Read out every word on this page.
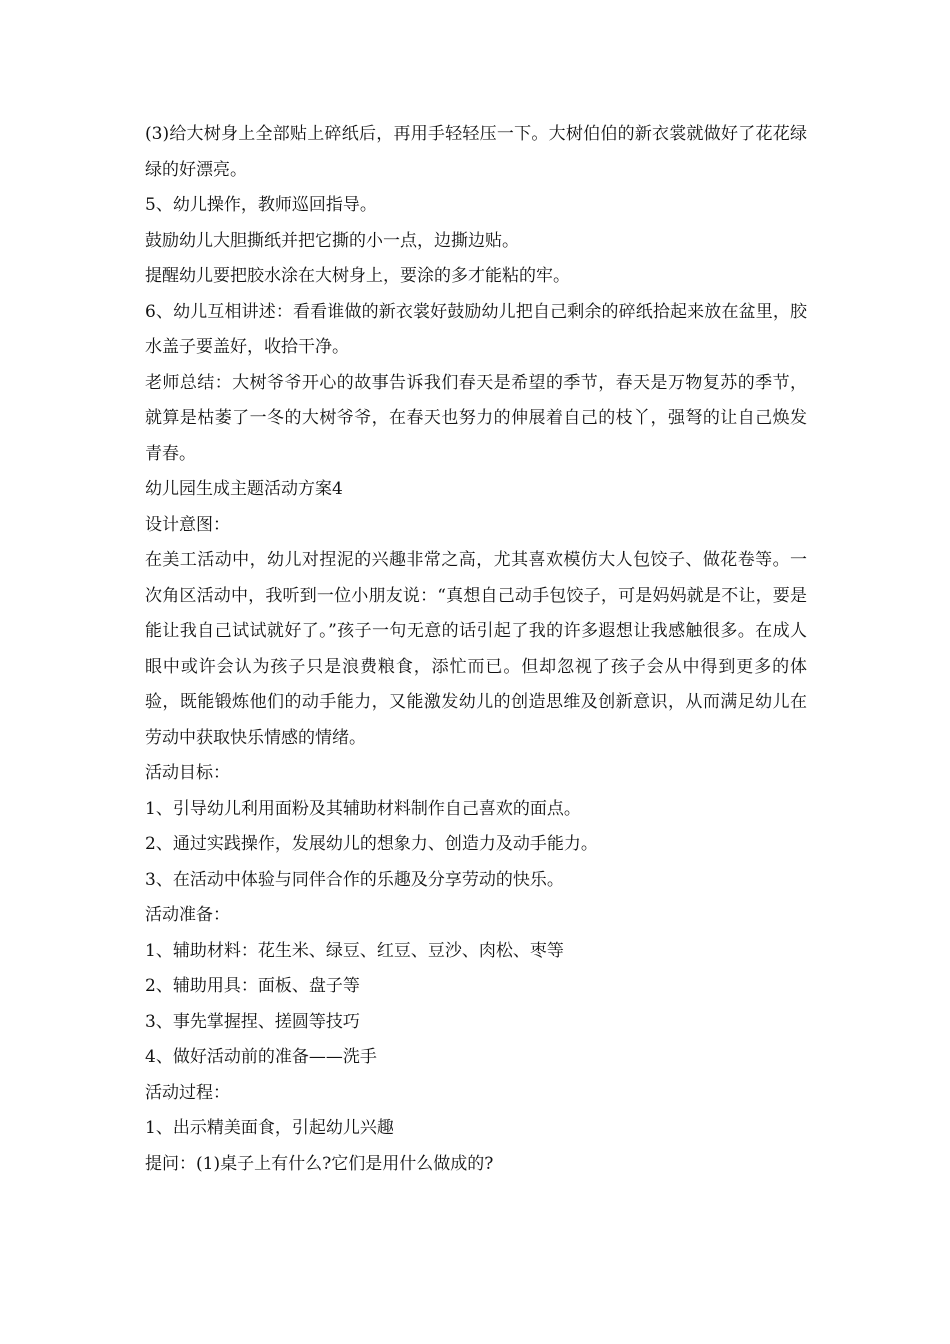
(3)给大树身上全部贴上碎纸后，再用手轻轻压一下。大树伯伯的新衣裳就做好了花花绿绿的好漂亮。

5、幼儿操作，教师巡回指导。

鼓励幼儿大胆撕纸并把它撕的小一点，边撕边贴。

提醒幼儿要把胶水涂在大树身上，要涂的多才能粘的牢。

6、幼儿互相讲述：看看谁做的新衣裳好鼓励幼儿把自己剩余的碎纸拾起来放在盆里，胶水盖子要盖好，收拾干净。

老师总结：大树爷爷开心的故事告诉我们春天是希望的季节，春天是万物复苏的季节，就算是枯萎了一冬的大树爷爷，在春天也努力的伸展着自己的枝丫，强弩的让自己焕发青春。

幼儿园生成主题活动方案4

设计意图：

在美工活动中，幼儿对捏泥的兴趣非常之高，尤其喜欢模仿大人包饺子、做花卷等。一次角区活动中，我听到一位小朋友说：“真想自己动手包饺子，可是妈妈就是不让，要是能让我自己试试就好了。”孩子一句无意的话引起了我的许多遐想让我感触很多。在成人眼中或许会认为孩子只是浪费粮食，添忙而已。但却忽视了孩子会从中得到更多的体验，既能锻炼他们的动手能力，又能激发幼儿的创造思维及创新意识，从而满足幼儿在劳动中获取快乐情感的情绪。

活动目标：

1、引导幼儿利用面粉及其辅助材料制作自己喜欢的面点。

2、通过实践操作，发展幼儿的想象力、创造力及动手能力。

3、在活动中体验与同伴合作的乐趣及分享劳动的快乐。

活动准备：

1、辅助材料：花生米、绿豆、红豆、豆沙、肉松、枣等

2、辅助用具：面板、盘子等

3、事先掌握捏、搓圆等技巧

4、做好活动前的准备——洗手

活动过程：

1、出示精美面食，引起幼儿兴趣

提问：(1)桌子上有什么?它们是用什么做成的?
